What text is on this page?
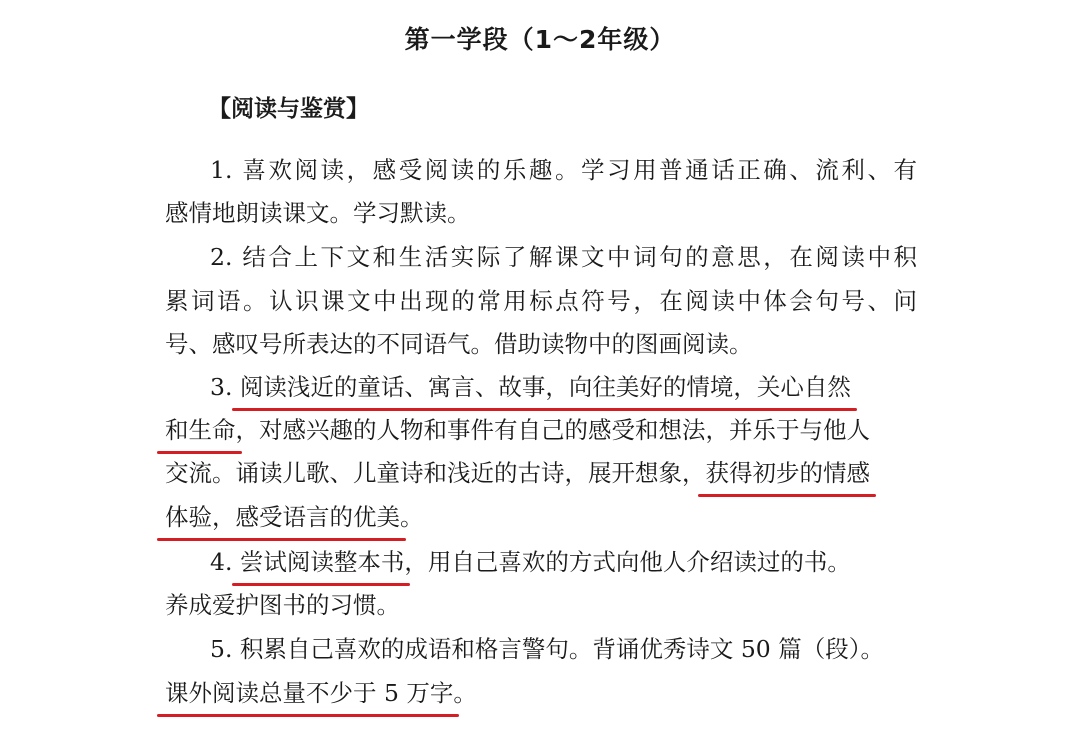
第一学段（1～2年级）
【阅读与鉴赏】
1. 喜欢阅读，感受阅读的乐趣。学习用普通话正确、流利、有
感情地朗读课文。学习默读。
2. 结合上下文和生活实际了解课文中词句的意思，在阅读中积
累词语。认识课文中出现的常用标点符号，在阅读中体会句号、问
号、感叹号所表达的不同语气。借助读物中的图画阅读。
3. 阅读浅近的童话、寓言、故事，向往美好的情境，关心自然
和生命，对感兴趣的人物和事件有自己的感受和想法，并乐于与他人
交流。诵读儿歌、儿童诗和浅近的古诗，展开想象，获得初步的情感
体验，感受语言的优美。
4. 尝试阅读整本书，用自己喜欢的方式向他人介绍读过的书。
养成爱护图书的习惯。
5. 积累自己喜欢的成语和格言警句。背诵优秀诗文 50 篇（段）。
课外阅读总量不少于 5 万字。
